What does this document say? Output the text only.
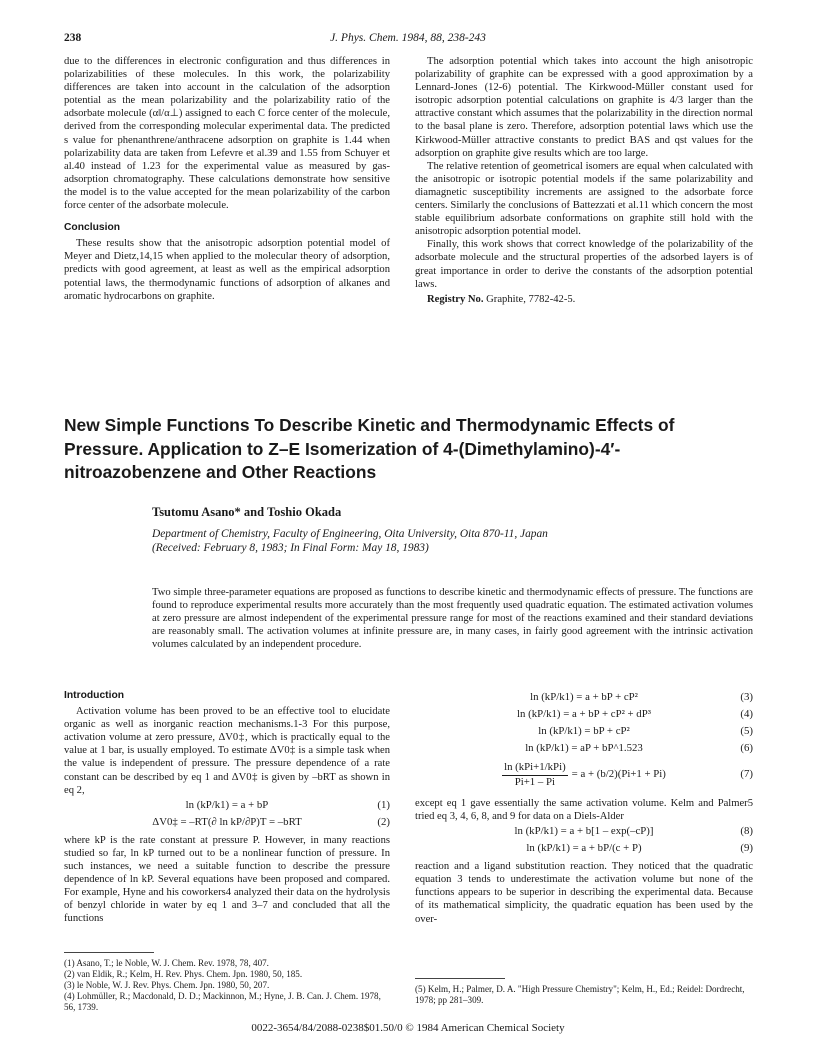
238	J. Phys. Chem. 1984, 88, 238-243

due to the differences in electronic configuration and thus differences in polarizabilities of these molecules. In this work, the polarizability differences are taken into account in the calculation of the adsorption potential as the mean polarizability and the polarizability ratio of the adsorbate molecule (α‖/α⊥) assigned to each C force center of the molecule, derived from the corresponding molecular experimental data. The predicted s value for phenanthrene/anthracene adsorption on graphite is 1.44 when polarizability data are taken from Lefevre et al.39 and 1.55 from Schuyer et al.40 instead of 1.23 for the experimental value as measured by gas-adsorption chromatography. These calculations demonstrate how sensitive the model is to the value accepted for the mean polarizability of the carbon force center of the adsorbate molecule.

Conclusion

These results show that the anisotropic adsorption potential model of Meyer and Dietz,14,15 when applied to the molecular theory of adsorption, predicts with good agreement, at least as well as the empirical adsorption potential laws, the thermodynamic functions of adsorption of alkanes and aromatic hydrocarbons on graphite.

The adsorption potential which takes into account the high anisotropic polarizability of graphite can be expressed with a good approximation by a Lennard-Jones (12-6) potential. The Kirkwood-Müller constant used for isotropic adsorption potential calculations on graphite is 4/3 larger than the attractive constant which assumes that the polarizability in the direction normal to the basal plane is zero. Therefore, adsorption potential laws which use the Kirkwood-Müller attractive constants to predict BAS and qst values for the adsorption on graphite give results which are too large.

The relative retention of geometrical isomers are equal when calculated with the anisotropic or isotropic potential models if the same polarizability and diamagnetic susceptibility increments are assigned to the adsorbate force centers. Similarly the conclusions of Battezzati et al.11 which concern the most stable equilibrium adsorbate conformations on graphite still hold with the anisotropic adsorption potential model.

Finally, this work shows that correct knowledge of the polarizability of the adsorbate molecule and the structural properties of the adsorbed layers is of great importance in order to derive the constants of the adsorption potential laws.

Registry No. Graphite, 7782-42-5.

New Simple Functions To Describe Kinetic and Thermodynamic Effects of Pressure. Application to Z–E Isomerization of 4-(Dimethylamino)-4′-nitroazobenzene and Other Reactions
Tsutomu Asano* and Toshio Okada
Department of Chemistry, Faculty of Engineering, Oita University, Oita 870-11, Japan
(Received: February 8, 1983; In Final Form: May 18, 1983)
Two simple three-parameter equations are proposed as functions to describe kinetic and thermodynamic effects of pressure. The functions are found to reproduce experimental results more accurately than the most frequently used quadratic equation. The estimated activation volumes at zero pressure are almost independent of the experimental pressure range for most of the reactions examined and their standard deviations are reasonably small. The activation volumes at infinite pressure are, in many cases, in fairly good agreement with the intrinsic activation volumes calculated by an independent procedure.
Introduction

Activation volume has been proved to be an effective tool to elucidate organic as well as inorganic reaction mechanisms.1-3 For this purpose, activation volume at zero pressure, ΔV0‡, which is practically equal to the value at 1 bar, is usually employed. To estimate ΔV0‡ is a simple task when the value is independent of pressure. The pressure dependence of a rate constant can be described by eq 1 and ΔV0‡ is given by –bRT as shown in eq 2,

ln (kP/k1) = a + bP	(1)
ΔV0‡ = –RT(∂ ln kP/∂P)T = –bRT	(2)

where kP is the rate constant at pressure P. However, in many reactions studied so far, ln kP turned out to be a nonlinear function of pressure. In such instances, we need a suitable function to describe the pressure dependence of ln kP. Several equations have been proposed and compared. For example, Hyne and his coworkers4 analyzed their data on the hydrolysis of benzyl chloride in water by eq 1 and 3–7 and concluded that all the functions

(1) Asano, T.; le Noble, W. J. Chem. Rev. 1978, 78, 407.
(2) van Eldik, R.; Kelm, H. Rev. Phys. Chem. Jpn. 1980, 50, 185.
(3) le Noble, W. J. Rev. Phys. Chem. Jpn. 1980, 50, 207.
(4) Lohmüller, R.; Macdonald, D. D.; Mackinnon, M.; Hyne, J. B. Can. J. Chem. 1978, 56, 1739.
ln (kP/k1) = a + bP + cP²	(3)
ln (kP/k1) = a + bP + cP² + dP³	(4)
ln (kP/k1) = bP + cP²	(5)
ln (kP/k1) = aP + bP^1.523	(6)
ln (kPi+1/kPi)
Pi+1 – Pi
= a + (b/2)(Pi+1 + Pi)	(7)

except eq 1 gave essentially the same activation volume. Kelm and Palmer5 tried eq 3, 4, 6, 8, and 9 for data on a Diels-Alder

ln (kP/k1) = a + b[1 – exp(–cP)]	(8)
ln (kP/k1) = a + bP/(c + P)	(9)

reaction and a ligand substitution reaction. They noticed that the quadratic equation 3 tends to underestimate the activation volume but none of the functions appears to be superior in describing the experimental data. Because of its mathematical simplicity, the quadratic equation has been used by the over-

(5) Kelm, H.; Palmer, D. A. "High Pressure Chemistry"; Kelm, H., Ed.; Reidel: Dordrecht, 1978; pp 281–309.
0022-3654/84/2088-0238$01.50/0 © 1984 American Chemical Society
